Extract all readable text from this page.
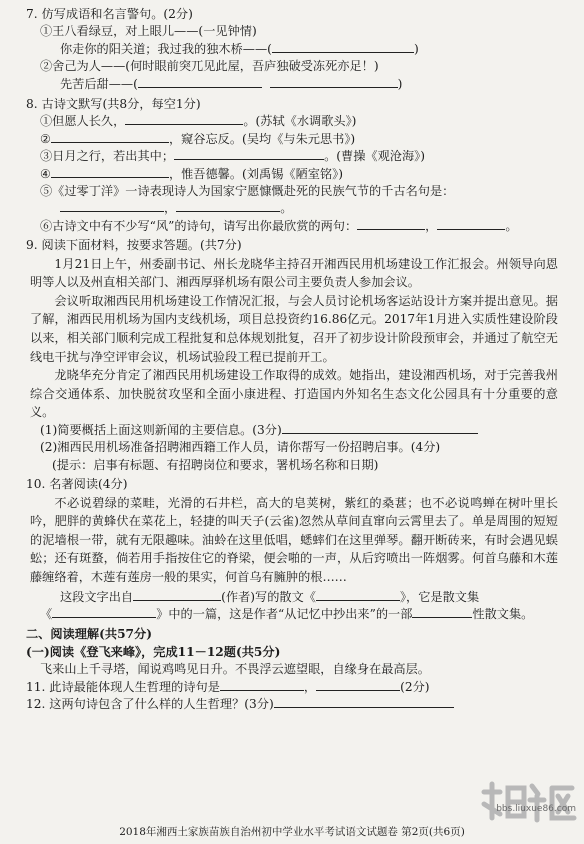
7. 仿写成语和名言警句。(2分)
①王八看绿豆，对上眼儿——(一见钟情)
你走你的阳关道；我过我的独木桥——(	)
②舍己为人——(何时眼前突兀见此屋，吾庐独破受冻死亦足！)
先苦后甜——(	)
8. 古诗文默写(共8分，每空1分)
①但愿人长久，	。(苏轼《水调歌头》)
②	，窥谷忘反。(吴均《与朱元思书》)
③日月之行，若出其中；	。(曹操《观沧海》)
④	，惟吾德馨。(刘禹锡《陋室铭》)
⑤《过零丁洋》一诗表现诗人为国家宁愿慷慨赴死的民族气节的千古名句是：
，	。
⑥古诗文中有不少写“风”的诗句，请写出你最欣赏的两句：	，	。
9. 阅读下面材料，按要求答题。(共7分)
1月21日上午，州委副书记、州长龙晓华主持召开湘西民用机场建设工作汇报会。州领导向恩明等人以及州直相关部门、湘西厚驿机场有限公司主要负责人参加会议。
会议听取湘西民用机场建设工作情况汇报，与会人员讨论机场客运站设计方案并提出意见。据了解，湘西民用机场为国内支线机场，项目总投资约16.86亿元。2017年1月进入实质性建设阶段以来，相关部门顺利完成工程批复和总体规划批复，召开了初步设计阶段预审会，并通过了航空无线电干扰与净空评审会议，机场试验段工程已提前开工。
龙晓华充分肯定了湘西民用机场建设工作取得的成效。她指出，建设湘西机场，对于完善我州综合交通体系、加快脱贫攻坚和全面小康进程、打造国内外知名生态文化公园具有十分重要的意义。
(1)简要概括上面这则新闻的主要信息。(3分)
(2)湘西民用机场准备招聘湘西籍工作人员，请你帮写一份招聘启事。(4分)
(提示：启事有标题、有招聘岗位和要求，署机场名称和日期)
10. 名著阅读(4分)
不必说碧绿的菜畦，光滑的石井栏，高大的皂荚树，紫红的桑葚；也不必说鸣蝉在树叶里长吟，肥胖的黄蜂伏在菜花上，轻捷的叫天子(云雀)忽然从草间直窜向云霄里去了。单是周围的短短的泥墙根一带，就有无限趣味。油蛉在这里低唱，蟋蟀们在这里弹琴。翻开断砖来，有时会遇见蜈蚣；还有斑蝥，倘若用手指按住它的脊梁，便会啪的一声，从后窍喷出一阵烟雾。何首乌藤和木莲藤缠络着，木莲有莲房一般的果实，何首乌有臃肿的根……
这段文字出自	(作者)写的散文《	》，它是散文集
《	》中的一篇，这是作者“从记忆中抄出来”的一部	性散文集。
二、阅读理解(共57分)
(一)阅读《登飞来峰》，完成11－12题(共5分)
飞来山上千寻塔，闻说鸡鸣见日升。不畏浮云遮望眼，自缘身在最高层。
11. 此诗最能体现人生哲理的诗句是	，	(2分)
12. 这两句诗包含了什么样的人生哲理？(3分)
bbs.liuxue86.com
2018年湘西土家族苗族自治州初中学业水平考试语文试题卷 第2页(共6页)
